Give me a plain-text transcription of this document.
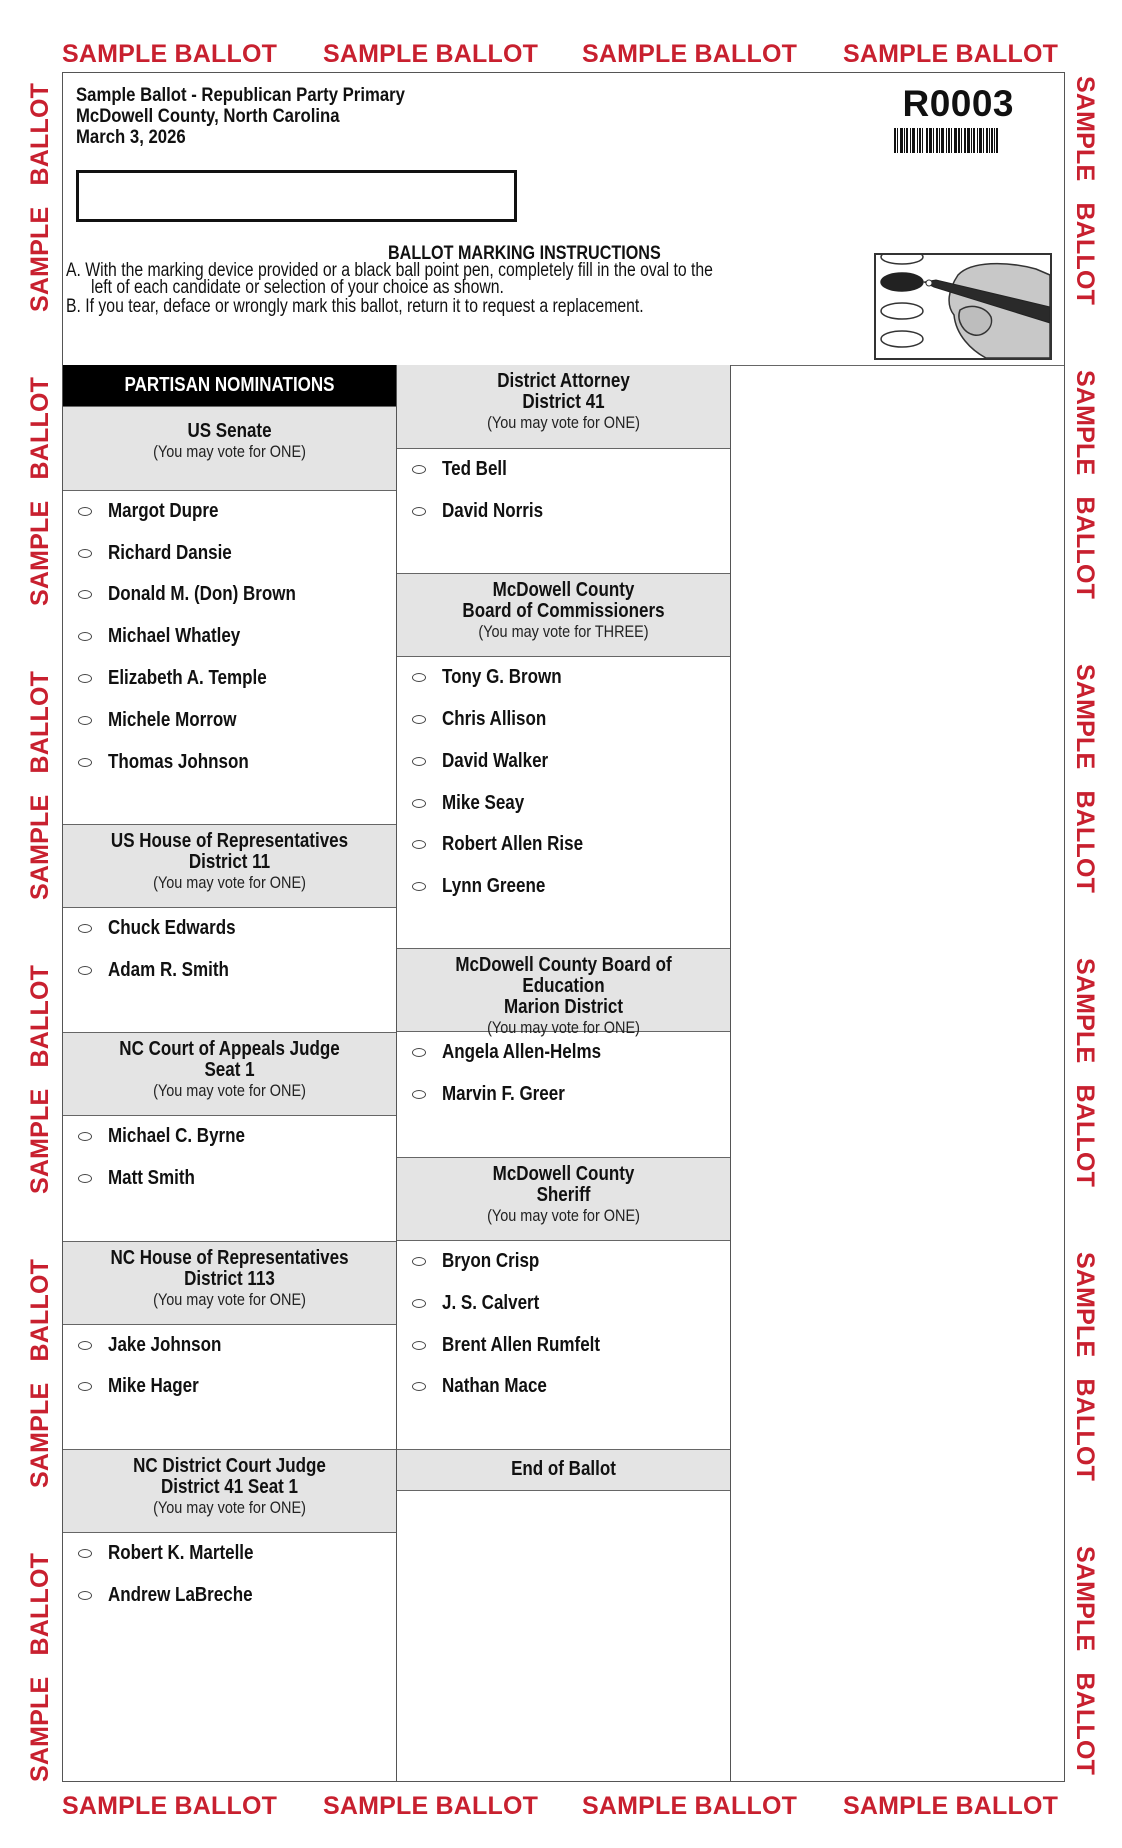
SAMPLE BALLOT SAMPLE BALLOT SAMPLE BALLOT SAMPLE BALLOT
SAMPLE BALLOT SAMPLE BALLOT SAMPLE BALLOT SAMPLE BALLOT
SAMPLE BALLOT
SAMPLE BALLOT
SAMPLE BALLOT
SAMPLE BALLOT
SAMPLE BALLOT
SAMPLE BALLOT
SAMPLE BALLOT
SAMPLE BALLOT
SAMPLE BALLOT
SAMPLE BALLOT
SAMPLE BALLOT
SAMPLE BALLOT
Sample Ballot - Republican Party Primary
McDowell County, North Carolina
March 3, 2026
R0003
BALLOT MARKING INSTRUCTIONS
A. With the marking device provided or a black ball point pen, completely fill in the oval to the
left of each candidate or selection of your choice as shown.
B. If you tear, deface or wrongly mark this ballot, return it to request a replacement.
PARTISAN NOMINATIONS
US Senate
(You may vote for ONE)
Margot Dupre
Richard Dansie
Donald M. (Don) Brown
Michael Whatley
Elizabeth A. Temple
Michele Morrow
Thomas Johnson
US House of Representatives
District 11
(You may vote for ONE)
Chuck Edwards
Adam R. Smith
NC Court of Appeals Judge
Seat 1
(You may vote for ONE)
Michael C. Byrne
Matt Smith
NC House of Representatives
District 113
(You may vote for ONE)
Jake Johnson
Mike Hager
NC District Court Judge
District 41 Seat 1
(You may vote for ONE)
Robert K. Martelle
Andrew LaBreche
District Attorney
District 41
(You may vote for ONE)
Ted Bell
David Norris
McDowell County
Board of Commissioners
(You may vote for THREE)
Tony G. Brown
Chris Allison
David Walker
Mike Seay
Robert Allen Rise
Lynn Greene
McDowell County Board of Education
Marion District
(You may vote for ONE)
Angela Allen-Helms
Marvin F. Greer
McDowell County
Sheriff
(You may vote for ONE)
Bryon Crisp
J. S. Calvert
Brent Allen Rumfelt
Nathan Mace
End of Ballot
